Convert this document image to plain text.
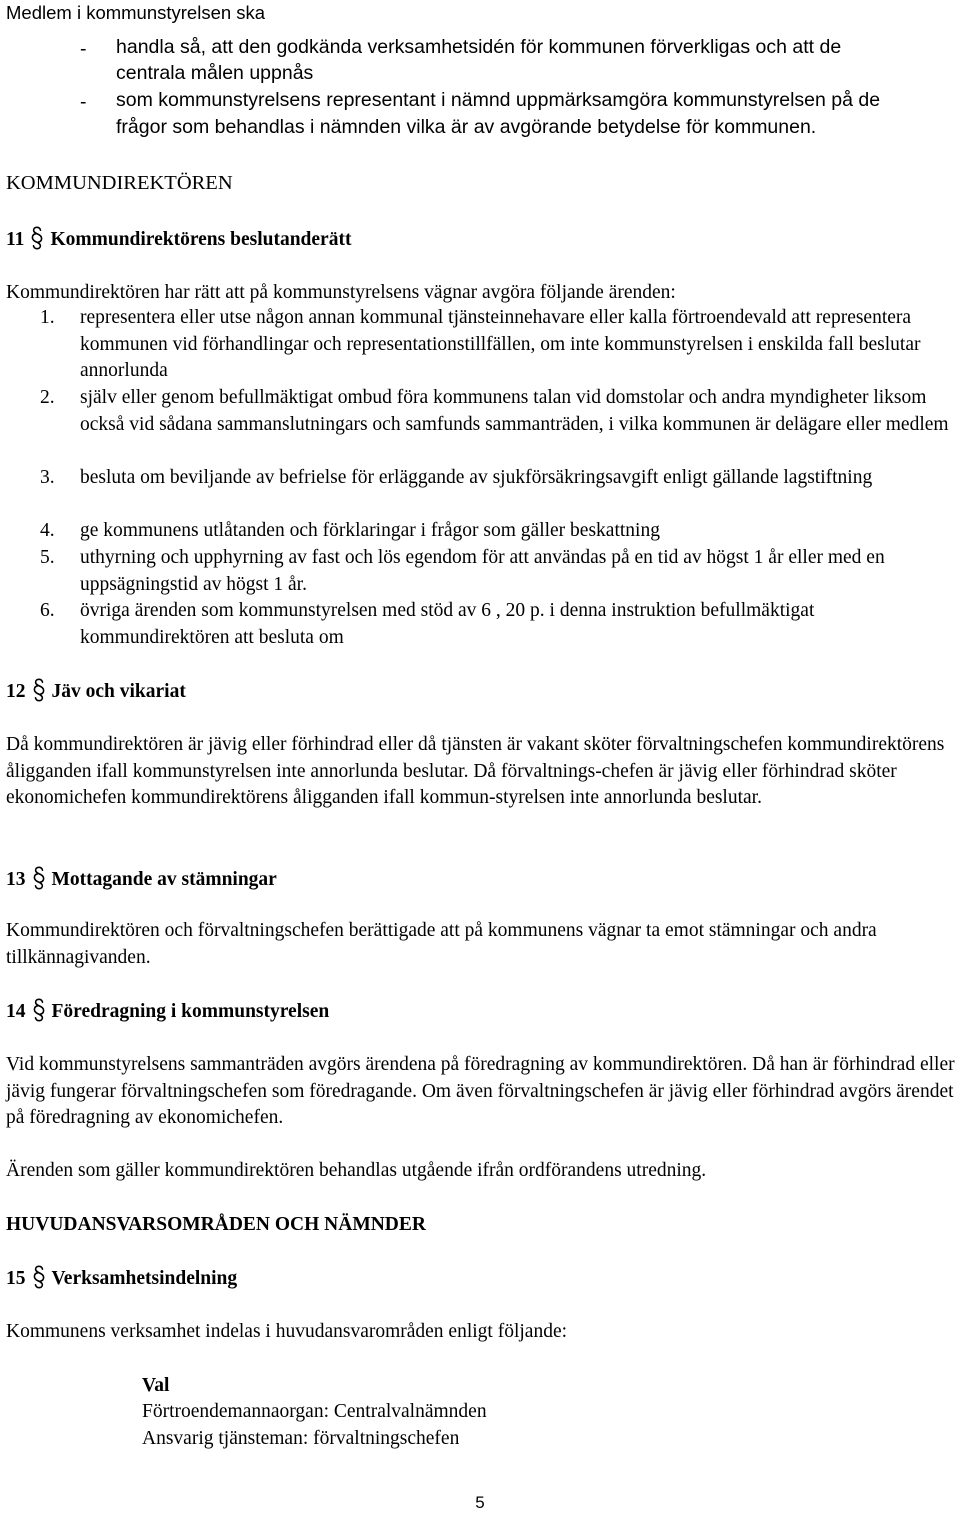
Medlem i kommunstyrelsen ska
- handla så, att den godkända verksamhetsidén för kommunen förverkligas och att de
centrala målen uppnås
- som kommunstyrelsens representant i nämnd uppmärksamgöra kommunstyrelsen på de
frågor som behandlas i nämnden vilka är av avgörande betydelse för kommunen.
KOMMUNDIREKTÖREN
11 Kommundirektörens beslutanderätt
Kommundirektören har rätt att på kommunstyrelsens vägnar avgöra följande ärenden:
1. representera eller utse någon annan kommunal tjänsteinnehavare eller kalla förtroendevald att representera kommunen vid förhandlingar och representationstillfällen, om inte kommunstyrelsen i enskilda fall beslutar annorlunda
2. själv eller genom befullmäktigat ombud föra kommunens talan vid domstolar och andra myndigheter liksom också vid sådana sammanslutningars och samfunds sammanträden, i vilka kommunen är delägare eller medlem
3. besluta om beviljande av befrielse för erläggande av sjukförsäkringsavgift enligt gällande lagstiftning
4. ge kommunens utlåtanden och förklaringar i frågor som gäller beskattning
5. uthyrning och upphyrning av fast och lös egendom för att användas på en tid av högst 1 år eller med en uppsägningstid av högst 1 år.
6. övriga ärenden som kommunstyrelsen med stöd av 6 , 20 p. i denna instruktion befullmäktigat kommundirektören att besluta om
12 Jäv och vikariat
Då kommundirektören är jävig eller förhindrad eller då tjänsten är vakant sköter förvaltningschefen kommundirektörens åligganden ifall kommunstyrelsen inte annorlunda beslutar. Då förvaltnings-chefen är jävig eller förhindrad sköter ekonomichefen kommundirektörens åligganden ifall kommun-styrelsen inte annorlunda beslutar.
13 Mottagande av stämningar
Kommundirektören och förvaltningschefen berättigade att på kommunens vägnar ta emot stämningar och andra tillkännagivanden.
14 Föredragning i kommunstyrelsen
Vid kommunstyrelsens sammanträden avgörs ärendena på föredragning av kommundirektören. Då han är förhindrad eller jävig fungerar förvaltningschefen som föredragande. Om även förvaltningschefen är jävig eller förhindrad avgörs ärendet på föredragning av ekonomichefen.
Ärenden som gäller kommundirektören behandlas utgående ifrån ordförandens utredning.
HUVUDANSVARSOMRÅDEN OCH NÄMNDER
15 Verksamhetsindelning
Kommunens verksamhet indelas i huvudansvarområden enligt följande:
Val
Förtroendemannaorgan: Centralvalnämnden
Ansvarig tjänsteman: förvaltningschefen
5
